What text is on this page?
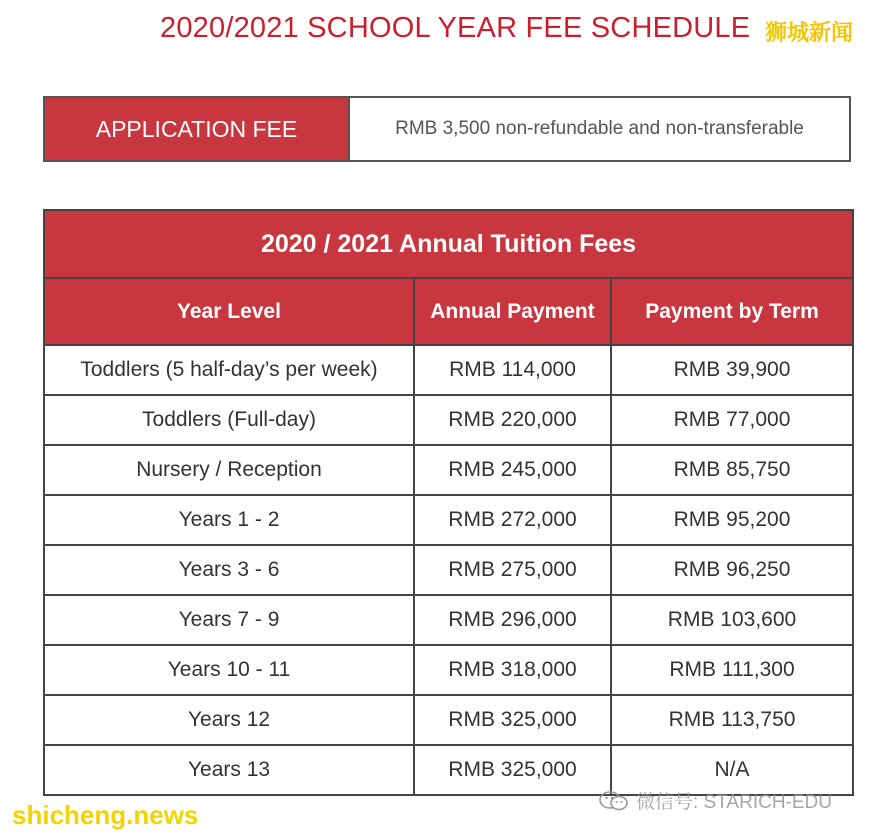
2020/2021 SCHOOL YEAR FEE SCHEDULE 狮城新闻
APPLICATION FEE	RMB 3,500 non-refundable and non-transferable
2020 / 2021 Annual Tuition Fees		
Year Level	Annual Payment	Payment by Term
Toddlers (5 half-day’s per week)	RMB 114,000	RMB 39,900
Toddlers (Full-day)	RMB 220,000	RMB 77,000
Nursery / Reception	RMB 245,000	RMB 85,750
Years 1 - 2	RMB 272,000	RMB 95,200
Years 3 - 6	RMB 275,000	RMB 96,250
Years 7 - 9	RMB 296,000	RMB 103,600
Years 10 - 11	RMB 318,000	RMB 111,300
Years 12	RMB 325,000	RMB 113,750
Years 13	RMB 325,000	N/A
shicheng.news	微信号: STARICH-EDU
